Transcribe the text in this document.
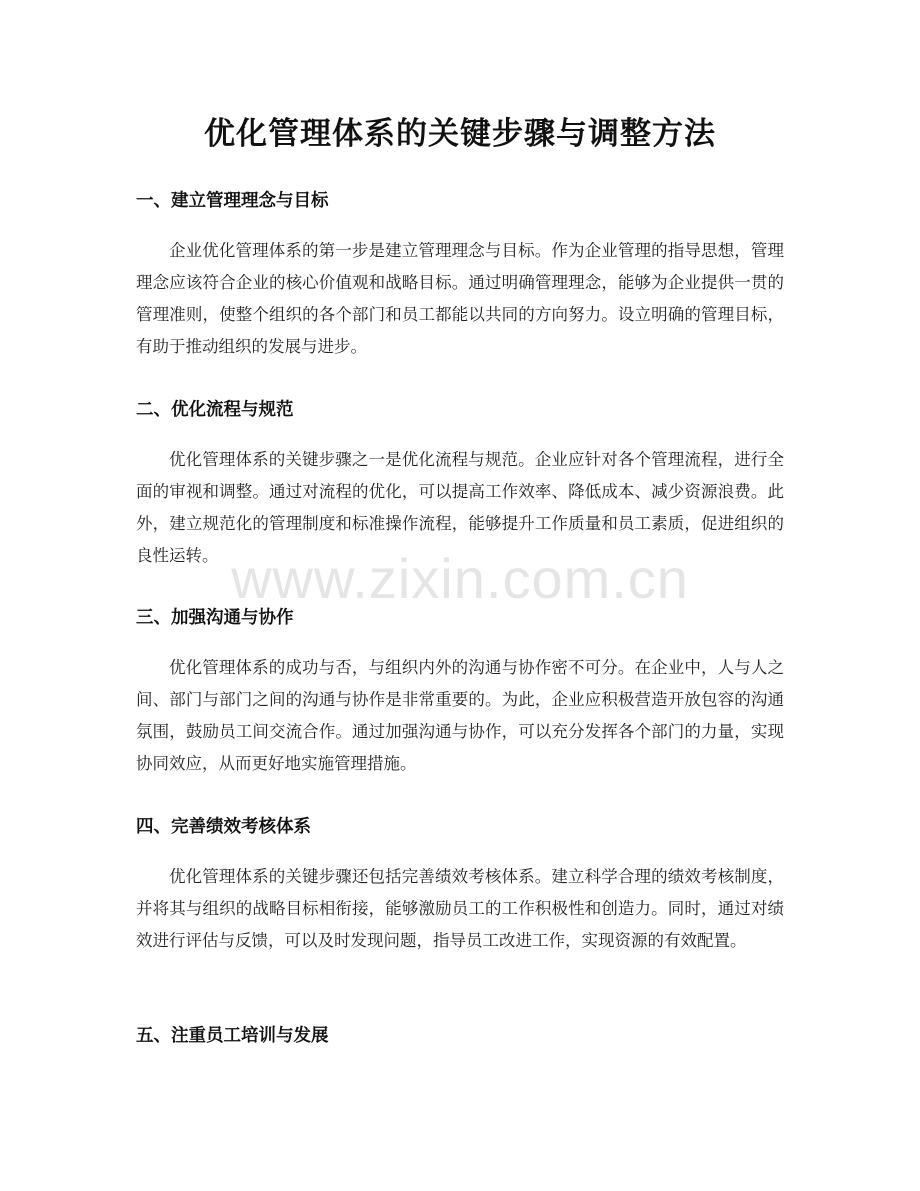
优化管理体系的关键步骤与调整方法
一、建立管理理念与目标

企业优化管理体系的第一步是建立管理理念与目标。作为企业管理的指导思想，管理理念应该符合企业的核心价值观和战略目标。通过明确管理理念，能够为企业提供一贯的管理准则，使整个组织的各个部门和员工都能以共同的方向努力。设立明确的管理目标，有助于推动组织的发展与进步。

二、优化流程与规范

优化管理体系的关键步骤之一是优化流程与规范。企业应针对各个管理流程，进行全面的审视和调整。通过对流程的优化，可以提高工作效率、降低成本、减少资源浪费。此外，建立规范化的管理制度和标准操作流程，能够提升工作质量和员工素质，促进组织的良性运转。

三、加强沟通与协作

优化管理体系的成功与否，与组织内外的沟通与协作密不可分。在企业中，人与人之间、部门与部门之间的沟通与协作是非常重要的。为此，企业应积极营造开放包容的沟通氛围，鼓励员工间交流合作。通过加强沟通与协作，可以充分发挥各个部门的力量，实现协同效应，从而更好地实施管理措施。

四、完善绩效考核体系

优化管理体系的关键步骤还包括完善绩效考核体系。建立科学合理的绩效考核制度，并将其与组织的战略目标相衔接，能够激励员工的工作积极性和创造力。同时，通过对绩效进行评估与反馈，可以及时发现问题，指导员工改进工作，实现资源的有效配置。

五、注重员工培训与发展
www.zixin.com.cn
